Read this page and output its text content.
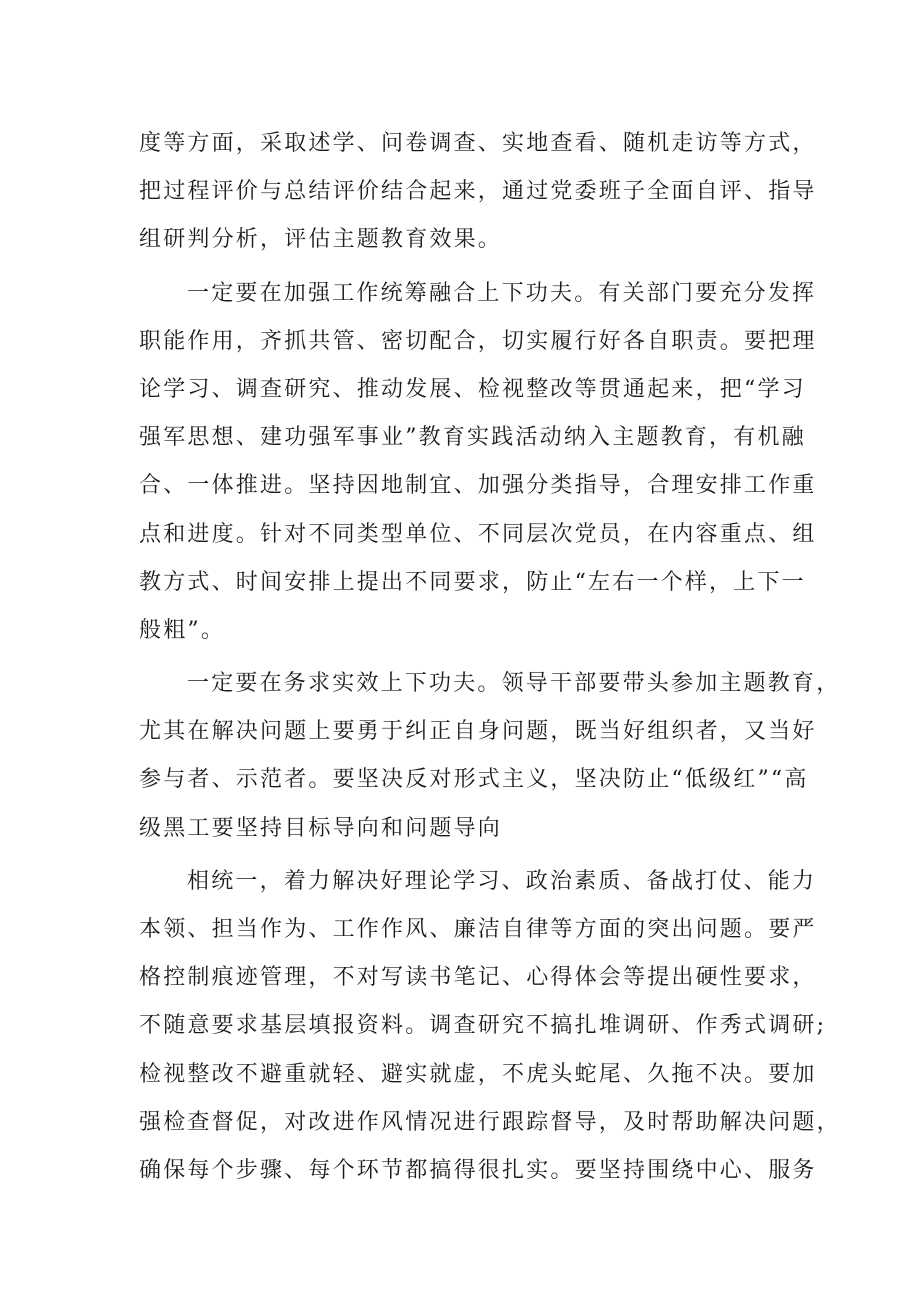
度等方面，采取述学、问卷调查、实地查看、随机走访等方式，
把过程评价与总结评价结合起来，通过党委班子全面自评、指导
组研判分析，评估主题教育效果。
一定要在加强工作统筹融合上下功夫。有关部门要充分发挥
职能作用，齐抓共管、密切配合，切实履行好各自职责。要把理
论学习、调查研究、推动发展、检视整改等贯通起来，把“学习
强军思想、建功强军事业”教育实践活动纳入主题教育，有机融
合、一体推进。坚持因地制宜、加强分类指导，合理安排工作重
点和进度。针对不同类型单位、不同层次党员，在内容重点、组
教方式、时间安排上提出不同要求，防止“左右一个样，上下一
般粗”。
一定要在务求实效上下功夫。领导干部要带头参加主题教育，
尤其在解决问题上要勇于纠正自身问题，既当好组织者，又当好
参与者、示范者。要坚决反对形式主义，坚决防止“低级红”“高
级黑工要坚持目标导向和问题导向
相统一，着力解决好理论学习、政治素质、备战打仗、能力
本领、担当作为、工作作风、廉洁自律等方面的突出问题。要严
格控制痕迹管理，不对写读书笔记、心得体会等提出硬性要求，
不随意要求基层填报资料。调查研究不搞扎堆调研、作秀式调研;
检视整改不避重就轻、避实就虚，不虎头蛇尾、久拖不决。要加
强检查督促，对改进作风情况进行跟踪督导，及时帮助解决问题，
确保每个步骤、每个环节都搞得很扎实。要坚持围绕中心、服务
